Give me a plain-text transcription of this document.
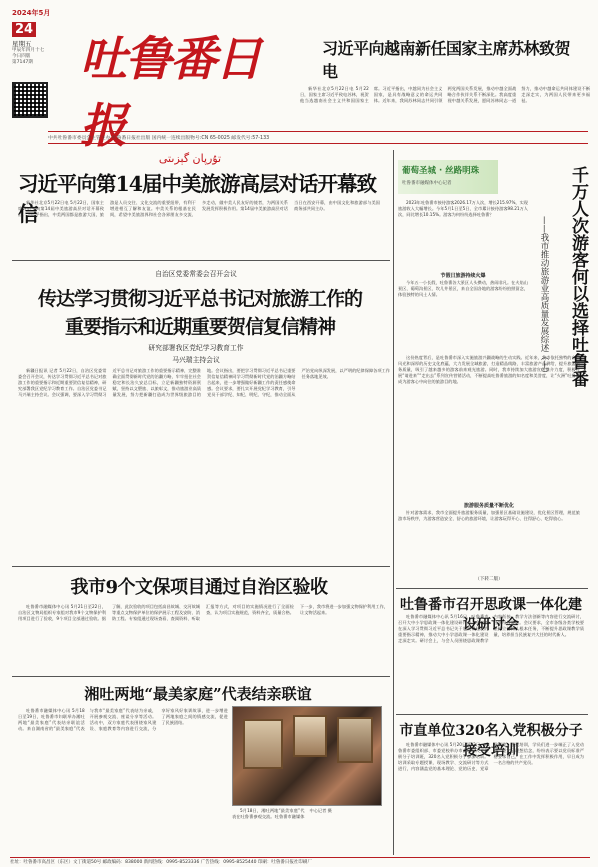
2024年5月
24
星期五
甲辰年四月十七
今日四版
第7147期	吐鲁番日报
تۇرپان گېزىتى
习近平向越南新任国家主席苏林致贺电

新华社北京5月22日电 5月22日，国家主席习近平致电苏林，祝贺他当选越南社会主义共和国国家主席。习近平指出，中越同为社会主义国家，是具有战略意义的命运共同体。近年来，我同苏林同志共同引领两党两国关系发展，推动中越全面战略合作伙伴关系不断深化。我高度重视中越关系发展，愿同苏林同志一道努力，推动中越命运共同体建设不断走深走实，为两国人民带来更多福祉。

中共吐鲁番市委员会主管主办 吐鲁番日报社出版 国内统一连续出版物号:CN 65-0025 邮发代号:57-133
习近平向第14届中美旅游高层对话开幕致信

新华社北京5月22日电 5月22日，国家主席习近平向第14届中美旅游高层对话开幕致信。习近平指出，中美两国都是旅游大国，旅游是人员交往、文化交流的重要纽带，有利于增进相互了解和友谊。中美关系的根基在民间，希望中美旅游界和社会各界朋友多交流、多走动，做中美人民友好的使者，为两国关系发展发挥积极作用。第14届中美旅游高层对话当日在西安开幕，由中国文化和旅游部与美国商务部共同主办。

自治区党委常委会召开会议
传达学习贯彻习近平总书记对旅游工作的
重要指示和近期重要贺信复信精神
研究部署我区党纪学习教育工作
马兴瑞主持会议

新疆日报讯 记者 5月22日，自治区党委常委会召开会议，传达学习贯彻习近平总书记对旅游工作的重要指示和近期重要贺信复信精神，研究部署我区党纪学习教育工作。自治区党委书记马兴瑞主持会议。会议强调，要深入学习贯彻习近平总书记对旅游工作的重要指示精神，完整准确全面贯彻新时代党的治疆方略，牢牢扭住社会稳定和长治久安总目标，立足新疆独特资源禀赋，坚持以文塑旅、以旅彰文，推动旅游业高质量发展，努力把新疆打造成为世界级旅游目的地。会议指出，要把学习贯彻习近平总书记重要贺信复信精神同学习贯彻新时代党的治疆方略结合起来，进一步增强做好新疆工作的责任感使命感。会议要求，要扎实开展党纪学习教育，引导党员干部学纪、知纪、明纪、守纪，推动全面从严治党向纵深发展，以严明的纪律保障各项工作任务落地见效。

我市9个文保项目通过自治区验收

吐鲁番市融媒体中心讯 5月21日至22日，自治区文物局组织专家组对我市9个文物保护利用项目进行了验收，9个项目全部通过验收。据了解，此次验收的项目包括高昌故城、交河故城等重点文物保护单位的保护展示工程及安防、消防工程。专家组通过现场查看、查阅资料、听取汇报等方式，对项目的实施情况进行了全面检查，认为项目实施规范，资料齐全，质量合格。下一步，我市将进一步加强文物保护利用工作，让文物活起来。

湘吐两地“最美家庭”代表结亲联谊

吐鲁番市融媒体中心讯 5月18日至19日，吐鲁番市妇联举办湘吐两地“最美家庭”代表结亲联谊活动。来自湖南省的“最美家庭”代表与我市“最美家庭”代表结为亲戚，开展参观交流、座谈分享等活动。活动中，双方家庭代表围绕家风建设、家庭教育等内容进行交流，分享好家风好家训故事，进一步增进了两地家庭之间的情感交流，促进了民族团结。

5月18日，湘吐两地“最美家庭”代表在吐鲁番参观交流。吐鲁番市融媒体中心记者 摄

葡萄圣城 · 丝路明珠
吐鲁番市融媒体中心记者	千万人次游客何以选择吐鲁番
——我市推动旅游业高质量发展综述（上）

2023年吐鲁番市接待游客2026.17万人次，增长215.97%，实现旅游收入大幅增长。今年5月1日至5日，全市累计接待游客98.21万人次，同比增长10.15%。游客为何纷纷选择吐鲁番？

节假日旅游持续火爆

今年五一小长假，吐鲁番各大景区人头攒动，热闹非凡。在火焰山景区、葡萄沟景区、坎儿井景区，来自全国各地的游客纷纷拍照留念，体验独特的风土人情。

这份热度背后，是吐鲁番市深入实施旅游兴疆战略的生动实践。近年来，我市依托独特的自然风光和深厚的历史文化底蕴，大力发展全域旅游，打造精品线路，丰富旅游产品供给，提升旅游服务质量，吸引了越来越多的游客前来观光旅游。同时，我市持续加大旅游宣传推介力度，积极开展“请进来”“走出去”系列宣传营销活动，不断提高吐鲁番旅游的知名度和美誉度，让“火洲”吐鲁番成为游客心中向往的旅游目的地。

旅游服务质量不断优化

针对游客需求，我市全面提升旅游服务质量，加强景区基础设施建设，优化景区管理，规范旅游市场秩序，为游客营造安全、舒心的旅游环境，让游客玩得开心、住得舒心、吃得放心。

（下转二版）
吐鲁番市召开思政课一体化建设研讨会

吐鲁番市融媒体中心讯 5月16日，吐鲁番市召开大中小学思政课一体化建设研讨会。会议旨在深入学习贯彻习近平总书记关于思政课建设的重要指示精神，推动大中小学思政课一体化建设走深走实。研讨会上，与会人员围绕思政课教学内容衔接、教学方法创新等内容进行交流研讨，分享经验做法。会议要求，全市各级各类学校要坚持立德树人根本任务，不断提升思政课教学质量，培养担当民族复兴大任的时代新人。

市直单位320名入党积极分子接受培训

吐鲁番市融媒体中心讯 5月20日至22日，吐鲁番市委组织部、市委党校举办市直单位入党积极分子培训班，320名入党积极分子参加培训。培训采取专题授课、现场教学、交流研讨等方式进行，内容涵盖党的基本理论、党的历史、党章党规等。通过培训，学员们进一步端正了入党动机，坚定了理想信念，纷纷表示要以党员标准严格要求自己，在工作中发挥积极作用，早日成为一名合格的共产党员。

社址：吐鲁番市高昌区（东区）文丁街道50号 邮政编码：838000 新闻热线：0995-8523336 广告热线：0995-8525440 印刷：吐鲁番日报社印刷厂
